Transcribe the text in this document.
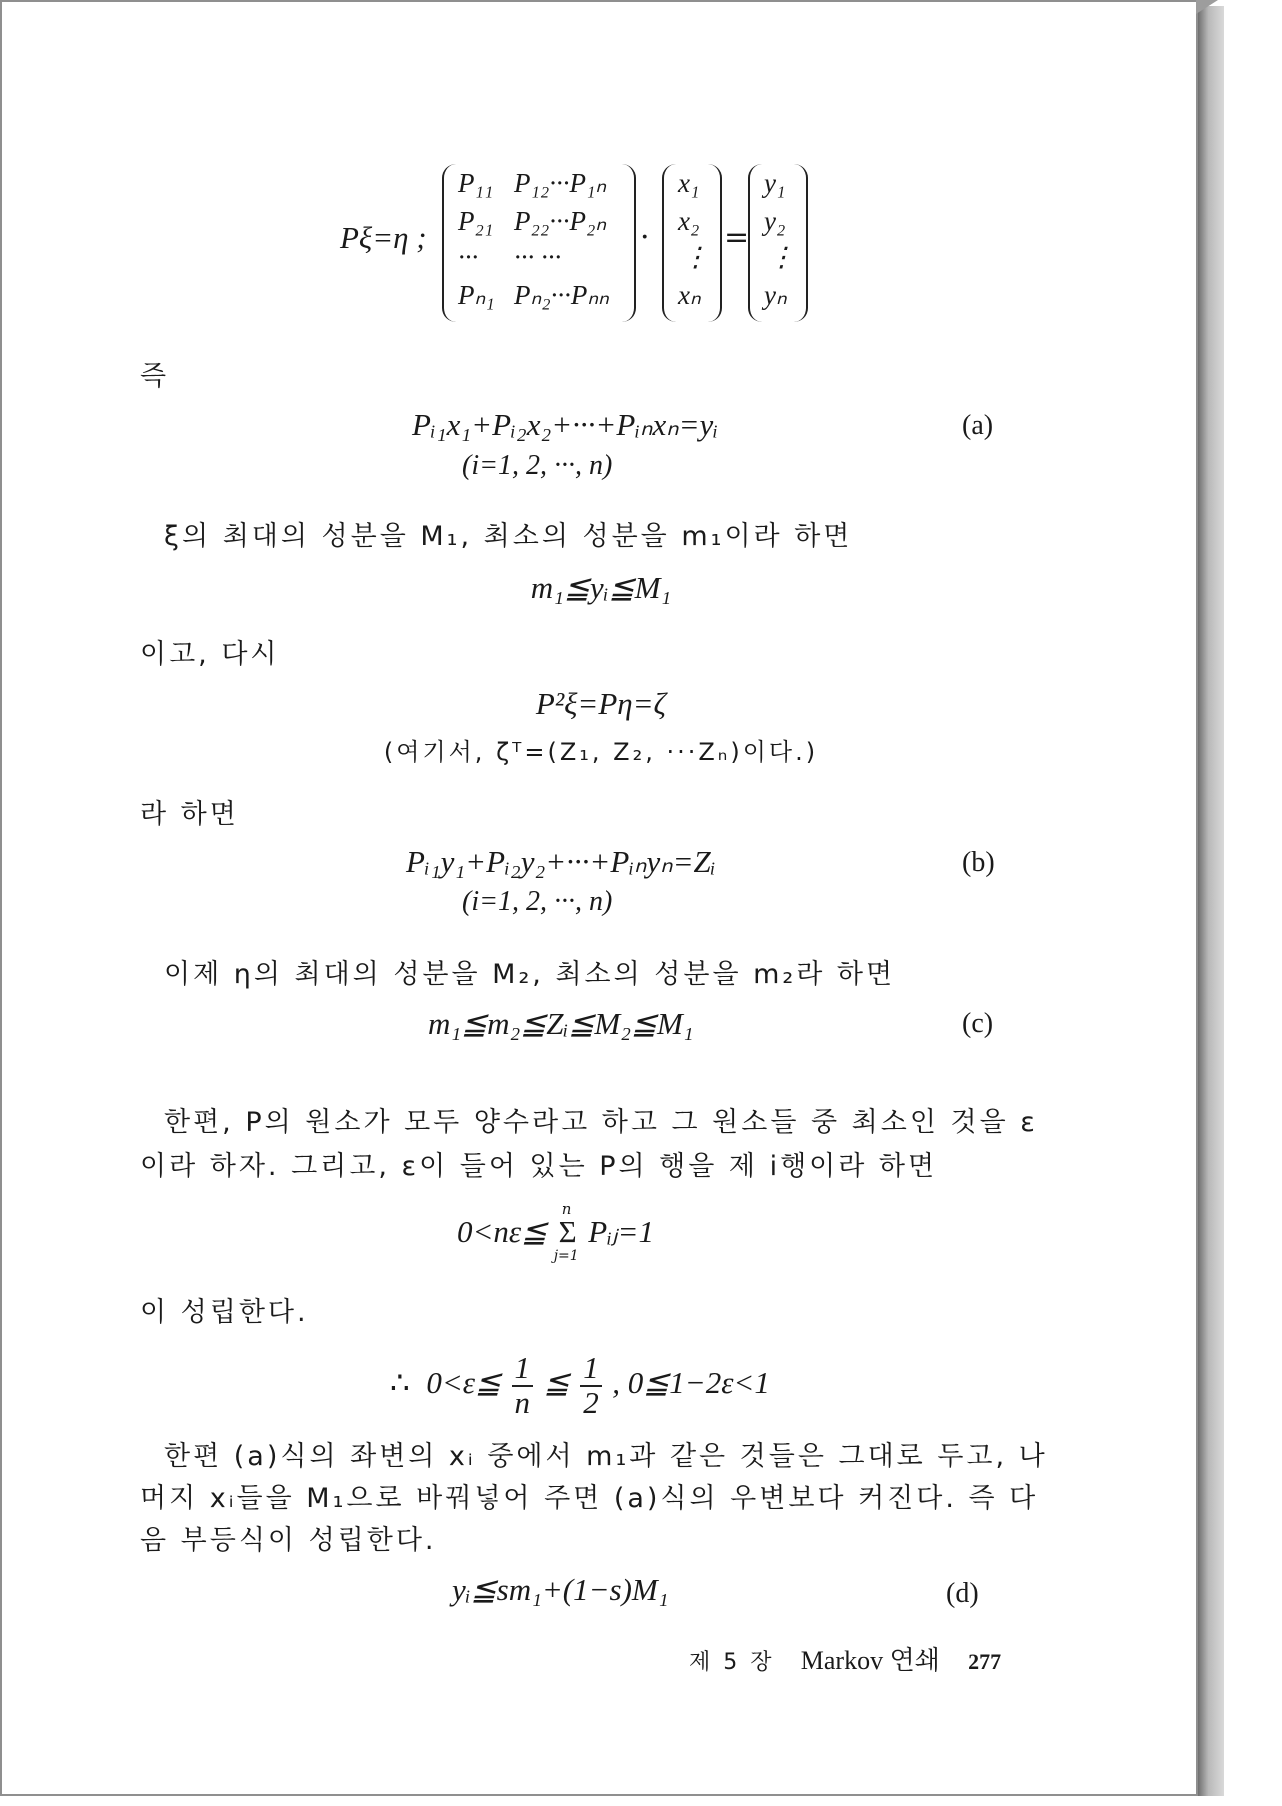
Pξ=η ;
P₁₁ P₁₂···P₁ₙ
P₂₁ P₂₂···P₂ₙ
··· ··· ···
Pₙ₁ Pₙ₂···Pₙₙ
·
x₁
x₂
⋮
xₙ
=
y₁
y₂
⋮
yₙ
즉
Pᵢ₁x₁+Pᵢ₂x₂+···+Pᵢₙxₙ=yᵢ	(a)
(i=1, 2, ···, n)
ξ의 최대의 성분을 M₁, 최소의 성분을 m₁이라 하면
m₁≦yᵢ≦M₁
이고, 다시
P²ξ=Pη=ζ
(여기서, ζᵀ=(Z₁, Z₂, ···Zₙ)이다.)
라 하면
Pᵢ₁y₁+Pᵢ₂y₂+···+Pᵢₙyₙ=Zᵢ	(b)
(i=1, 2, ···, n)
이제 η의 최대의 성분을 M₂, 최소의 성분을 m₂라 하면
m₁≦m₂≦Zᵢ≦M₂≦M₁	(c)
한편, P의 원소가 모두 양수라고 하고 그 원소들 중 최소인 것을 ε
이라 하자. 그리고, ε이 들어 있는 P의 행을 제 i행이라 하면
0<nε≦
n
Σ
j=1
Pᵢⱼ=1
이 성립한다.
∴ 0<ε≦ $\frac{1}{n}$ ≦ $\frac{1}{2}$ , 0≦1−2ε<1
한편 (a)식의 좌변의 xᵢ 중에서 m₁과 같은 것들은 그대로 두고, 나
머지 xᵢ들을 M₁으로 바꿔넣어 주면 (a)식의 우변보다 커진다. 즉 다
음 부등식이 성립한다.
yᵢ≦sm₁+(1−s)M₁	(d)
제 5 장 Markov 연쇄 277
